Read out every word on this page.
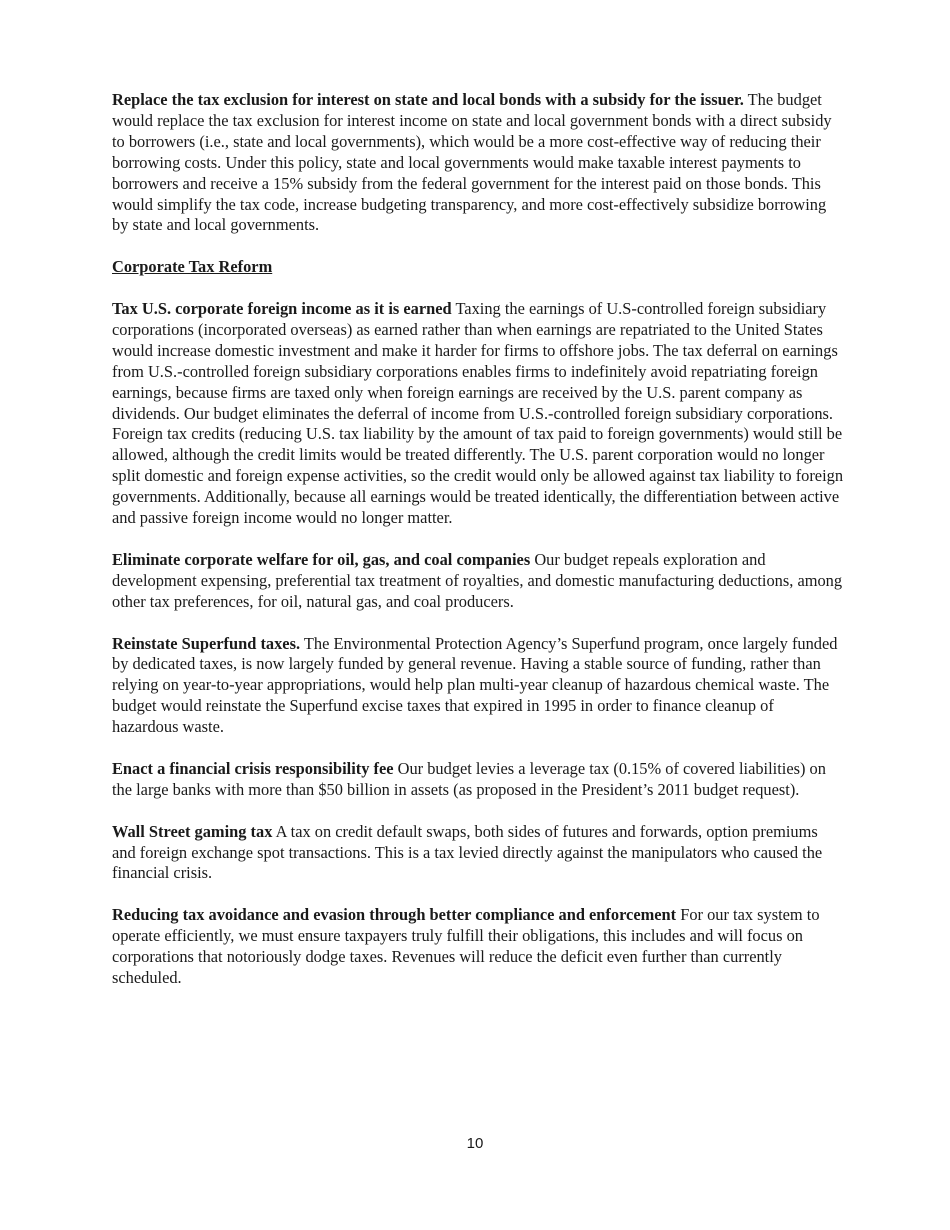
Replace the tax exclusion for interest on state and local bonds with a subsidy for the issuer. The budget would replace the tax exclusion for interest income on state and local government bonds with a direct subsidy to borrowers (i.e., state and local governments), which would be a more cost-effective way of reducing their borrowing costs. Under this policy, state and local governments would make taxable interest payments to borrowers and receive a 15% subsidy from the federal government for the interest paid on those bonds. This would simplify the tax code, increase budgeting transparency, and more cost-effectively subsidize borrowing by state and local governments.

Corporate Tax Reform

Tax U.S. corporate foreign income as it is earned Taxing the earnings of U.S-controlled foreign subsidiary corporations (incorporated overseas) as earned rather than when earnings are repatriated to the United States would increase domestic investment and make it harder for firms to offshore jobs. The tax deferral on earnings from U.S.-controlled foreign subsidiary corporations enables firms to indefinitely avoid repatriating foreign earnings, because firms are taxed only when foreign earnings are received by the U.S. parent company as dividends. Our budget eliminates the deferral of income from U.S.-controlled foreign subsidiary corporations. Foreign tax credits (reducing U.S. tax liability by the amount of tax paid to foreign governments) would still be allowed, although the credit limits would be treated differently. The U.S. parent corporation would no longer split domestic and foreign expense activities, so the credit would only be allowed against tax liability to foreign governments. Additionally, because all earnings would be treated identically, the differentiation between active and passive foreign income would no longer matter.

Eliminate corporate welfare for oil, gas, and coal companies Our budget repeals exploration and development expensing, preferential tax treatment of royalties, and domestic manufacturing deductions, among other tax preferences, for oil, natural gas, and coal producers.

Reinstate Superfund taxes. The Environmental Protection Agency’s Superfund program, once largely funded by dedicated taxes, is now largely funded by general revenue. Having a stable source of funding, rather than relying on year-to-year appropriations, would help plan multi-year cleanup of hazardous chemical waste. The budget would reinstate the Superfund excise taxes that expired in 1995 in order to finance cleanup of hazardous waste.

Enact a financial crisis responsibility fee Our budget levies a leverage tax (0.15% of covered liabilities) on the large banks with more than $50 billion in assets (as proposed in the President’s 2011 budget request).

Wall Street gaming tax A tax on credit default swaps, both sides of futures and forwards, option premiums and foreign exchange spot transactions. This is a tax levied directly against the manipulators who caused the financial crisis.

Reducing tax avoidance and evasion through better compliance and enforcement For our tax system to operate efficiently, we must ensure taxpayers truly fulfill their obligations, this includes and will focus on corporations that notoriously dodge taxes. Revenues will reduce the deficit even further than currently scheduled.

10
